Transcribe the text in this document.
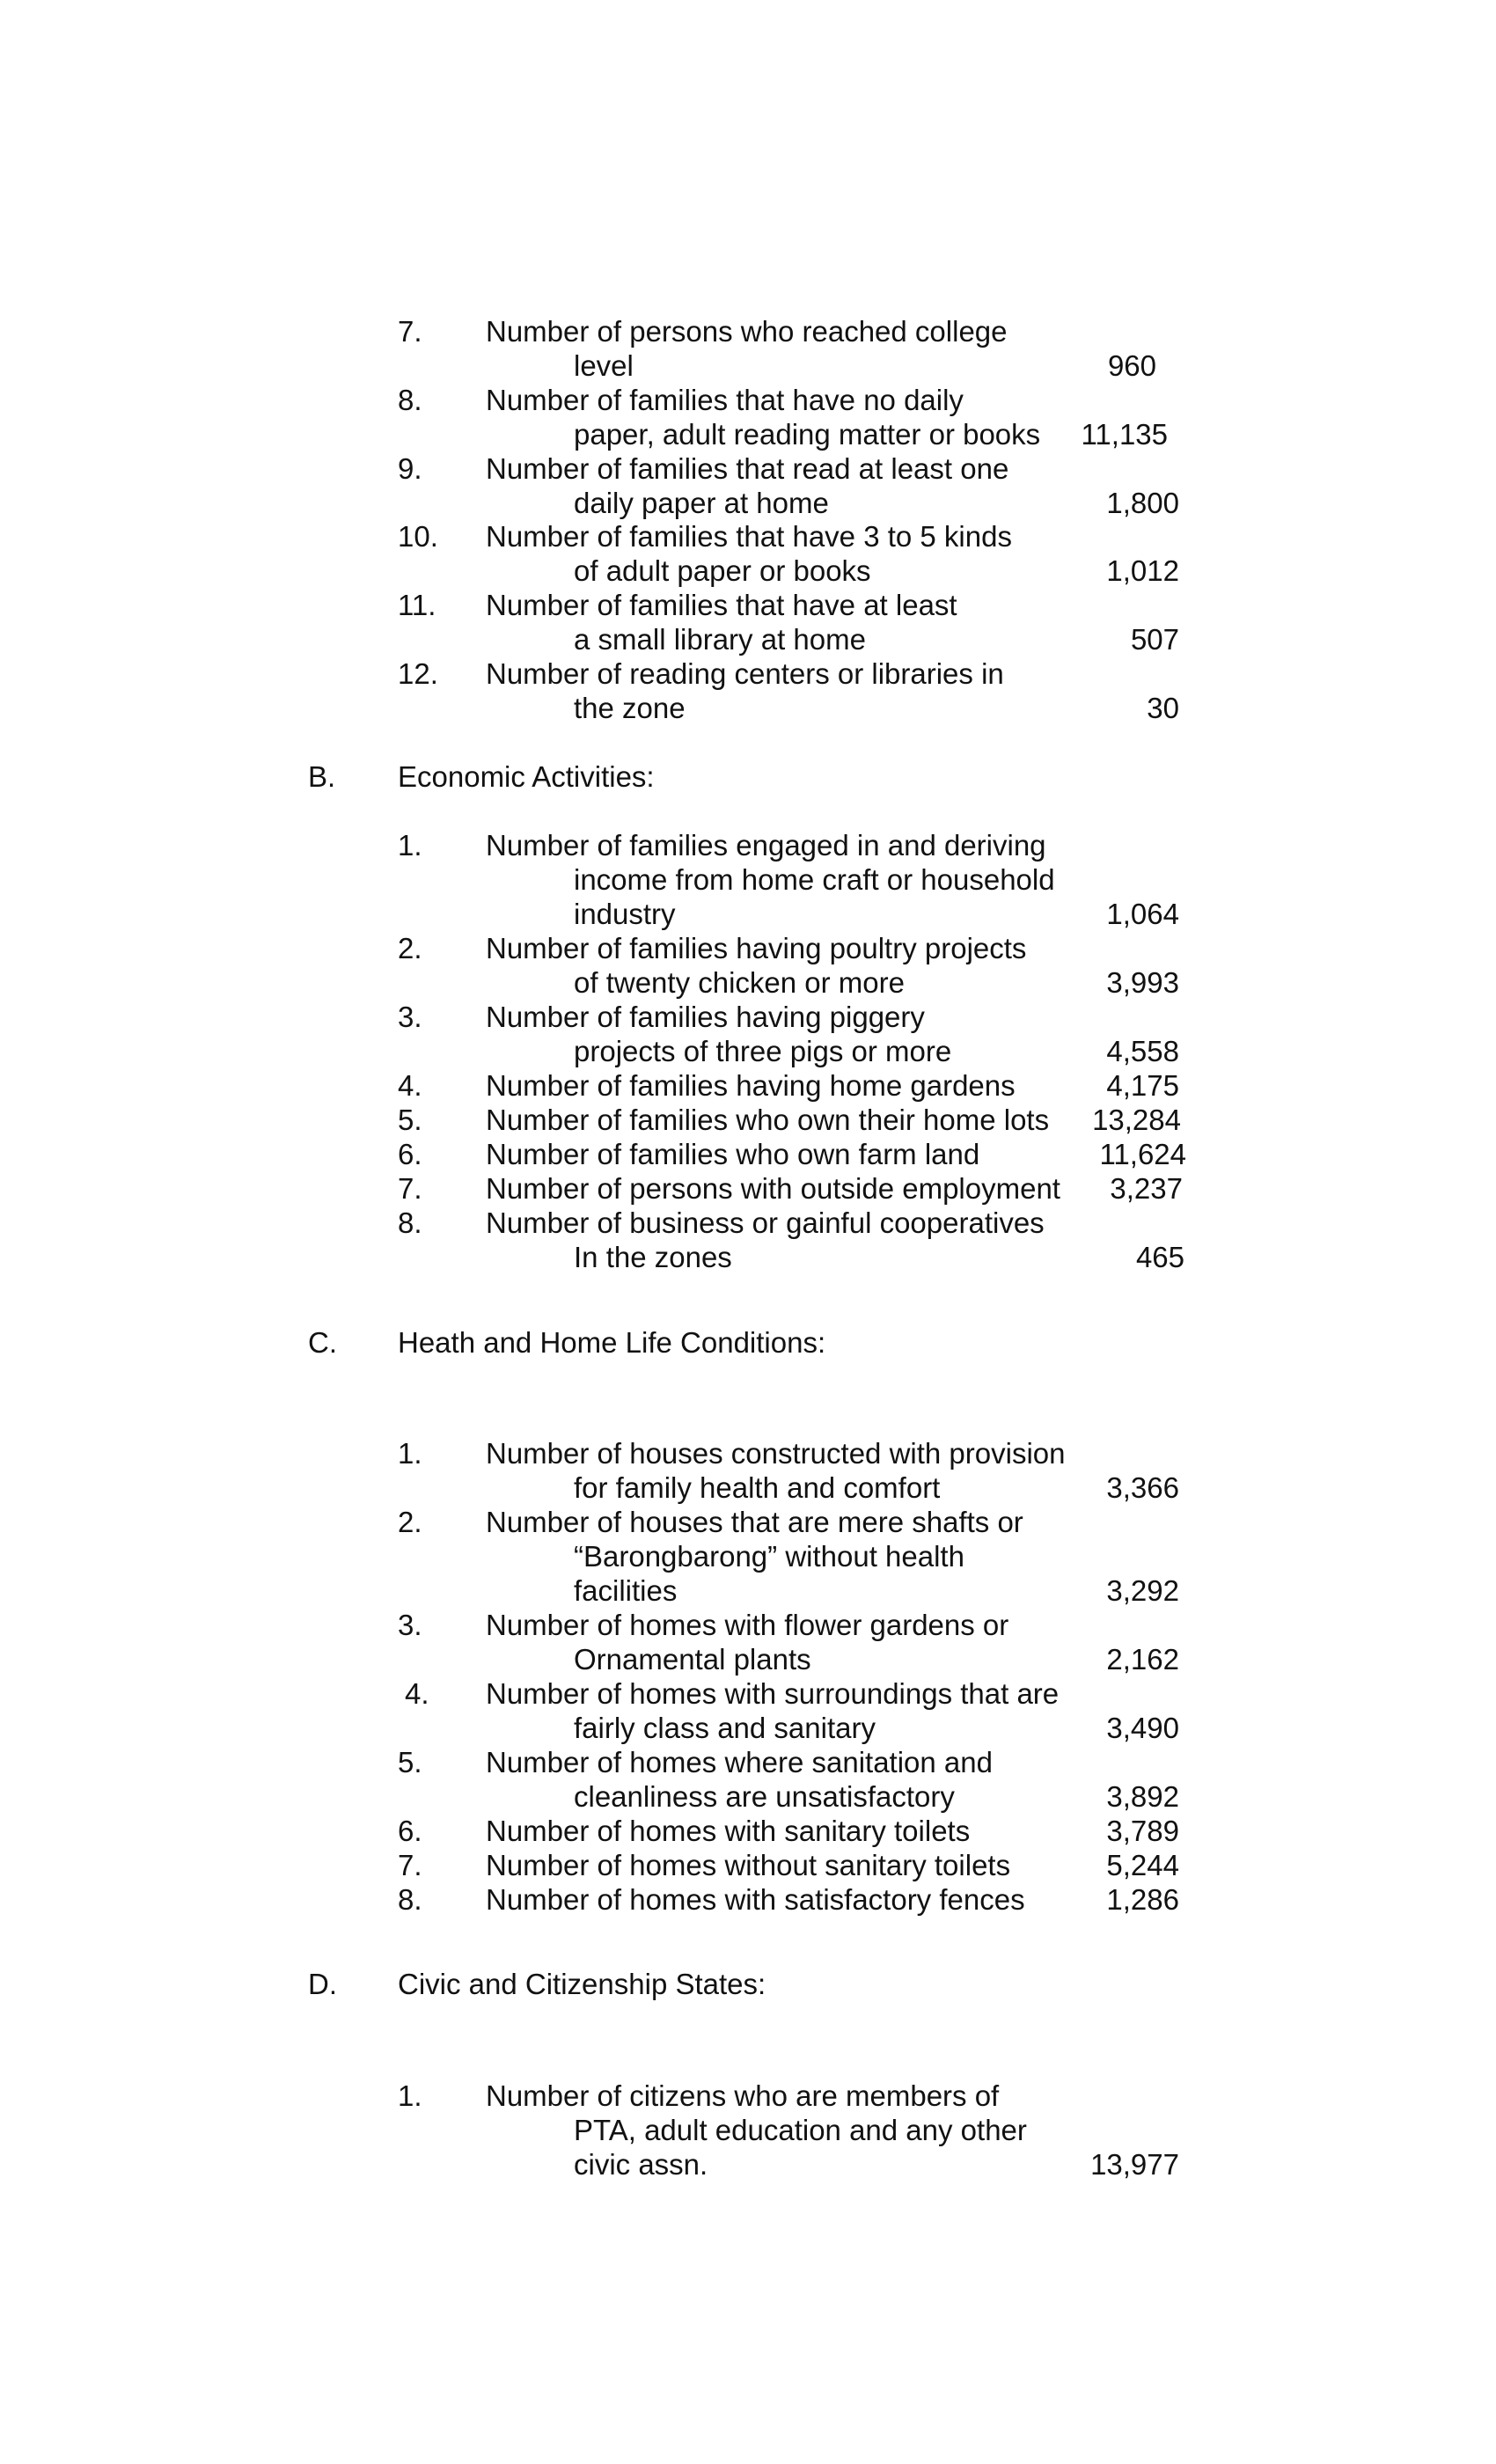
7. Number of persons who reached college
level	960
8. Number of families that have no daily
paper, adult reading matter or books 11,135
9. Number of families that read at least one
daily paper at home	1,800
10. Number of families that have 3 to 5 kinds
of adult paper or books	1,012
11. Number of families that have at least
a small library at home	507
12. Number of reading centers or libraries in
the zone	30
B. Economic Activities:
1. Number of families engaged in and deriving
income from home craft or household
industry	1,064
2. Number of families having poultry projects
of twenty chicken or more	3,993
3. Number of families having piggery
projects of three pigs or more	4,558
4. Number of families having home gardens	4,175
5. Number of families who own their home lots 13,284
6. Number of families who own farm land	11,624
7. Number of persons with outside employment 3,237
8. Number of business or gainful cooperatives
In the zones	465
C. Heath and Home Life Conditions:
1. Number of houses constructed with provision
for family health and comfort	3,366
2. Number of houses that are mere shafts or
“Barongbarong” without health
facilities	3,292
3. Number of homes with flower gardens or
Ornamental plants	2,162
4. Number of homes with surroundings that are
fairly class and sanitary	3,490
5. Number of homes where sanitation and
cleanliness are unsatisfactory	3,892
6. Number of homes with sanitary toilets	3,789
7. Number of homes without sanitary toilets	5,244
8. Number of homes with satisfactory fences	1,286
D. Civic and Citizenship States:
1. Number of citizens who are members of
PTA, adult education and any other
civic assn.	13,977
